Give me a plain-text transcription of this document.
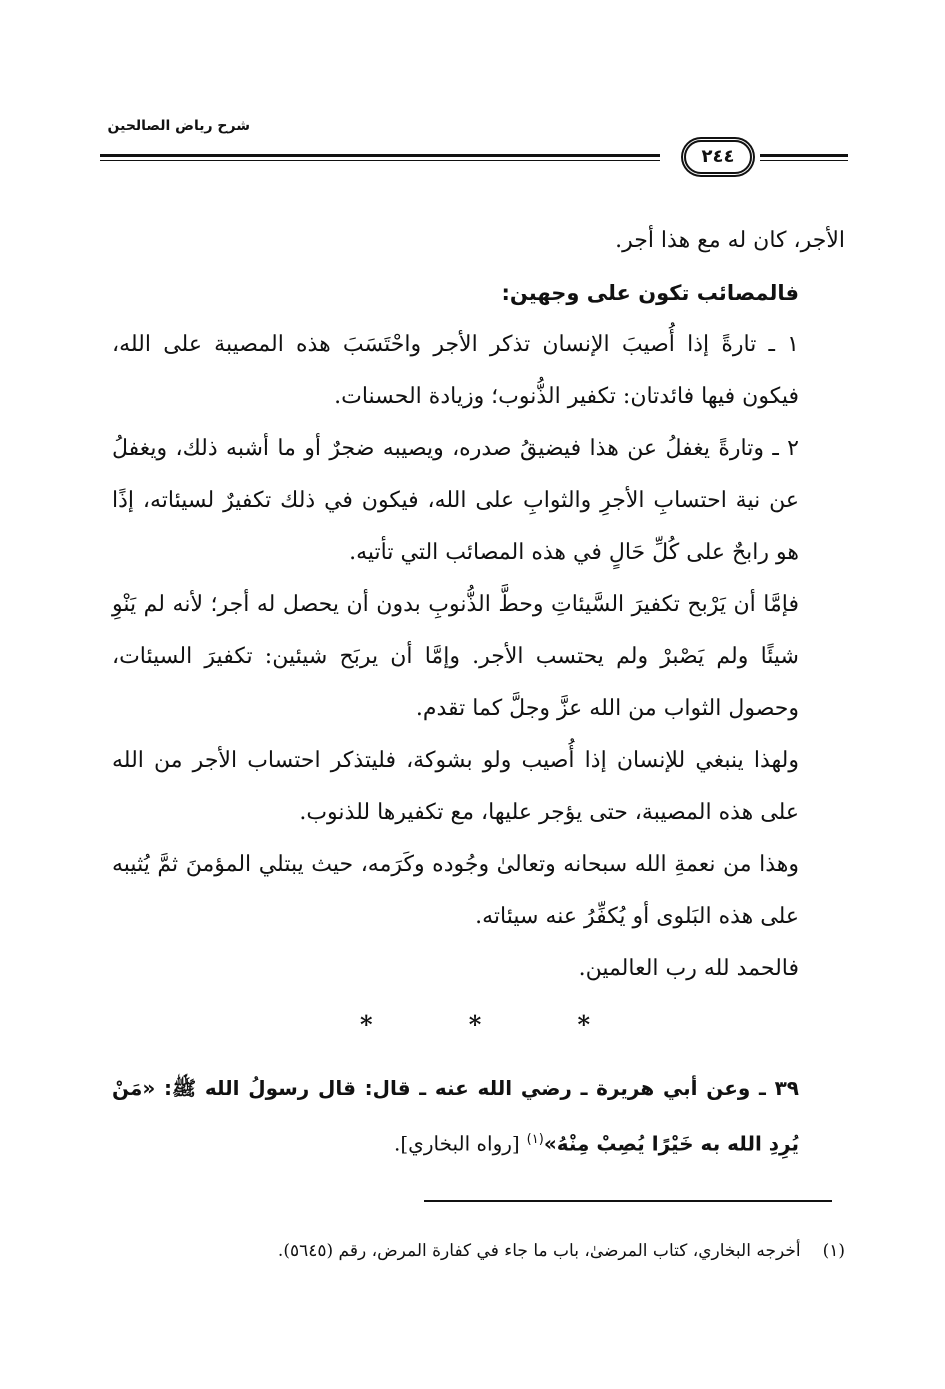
شرح رياض الصالحين
٢٤٤

الأجر، كان له مع هذا أجر.

فالمصائب تكون على وجهين:

١ ـ تارةً إذا أُصيبَ الإنسان تذكر الأجر واحْتَسَبَ هذه المصيبة على الله، فيكون فيها فائدتان: تكفير الذُّنوب؛ وزيادة الحسنات.

٢ ـ وتارةً يغفلُ عن هذا فيضيقُ صدره، ويصيبه ضجرٌ أو ما أشبه ذلك، ويغفلُ عن نية احتسابِ الأجرِ والثوابِ على الله، فيكون في ذلك تكفيرٌ لسيئاته، إذًا هو رابحٌ على كُلِّ حَالٍ في هذه المصائب التي تأتيه.

فإمَّا أن يَرْبح تكفيرَ السَّيئاتِ وحطَّ الذُّنوبِ بدون أن يحصل له أجر؛ لأنه لم يَنْوِ شيئًا ولم يَصْبرْ ولم يحتسب الأجر. وإمَّا أن يربَح شيئين: تكفيرَ السيئات، وحصول الثواب من الله عزَّ وجلَّ كما تقدم.

ولهذا ينبغي للإنسان إذا أُصيب ولو بشوكة، فليتذكر احتساب الأجر من الله على هذه المصيبة، حتى يؤجر عليها، مع تكفيرها للذنوب.

وهذا من نعمةِ الله سبحانه وتعالىٰ وجُوده وكَرَمه، حيث يبتلي المؤمنَ ثمَّ يُثيبه على هذه البَلوى أو يُكفِّرُ عنه سيئاته.

فالحمد لله رب العالمين.

*	*	*

٣٩ ـ وعن أبي هريرة ـ رضي الله عنه ـ قال: قال رسولُ الله ﷺ: «مَنْ يُرِدِ الله به خَيْرًا يُصِبْ مِنْهُ»$^{(١)}$ [رواه البخاري].

(١)أخرجه البخاري، كتاب المرضىٰ، باب ما جاء في كفارة المرض، رقم (٥٦٤٥).
